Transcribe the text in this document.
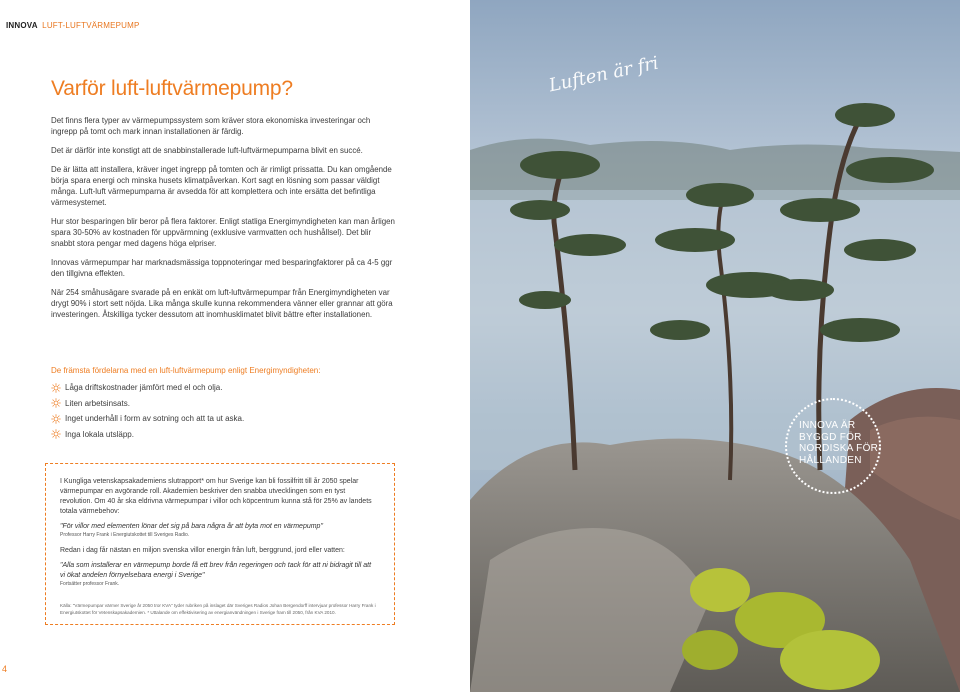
INNOVA LUFT-LUFTVÄRMEPUMP
Varför luft-luftvärmepump?

Det finns flera typer av värmepumpssystem som kräver stora ekonomiska investeringar och ingrepp på tomt och mark innan installationen är färdig.

Det är därför inte konstigt att de snabbinstallerade luft-luftvärmepumparna blivit en succé.

De är lätta att installera, kräver inget ingrepp på tomten och är rimligt prissatta. Du kan omgående börja spara energi och minska husets klimatpåverkan. Kort sagt en lösning som passar väldigt många. Luft-luft värmepumparna är avsedda för att komplettera och inte ersätta det befintliga värmesystemet.

Hur stor besparingen blir beror på flera faktorer. Enligt statliga Energimyndigheten kan man årligen spara 30-50% av kostnaden för uppvärmning (exklusive varmvatten och hushållsel). Det blir snabbt stora pengar med dagens höga elpriser.

Innovas värmepumpar har marknadsmässiga toppnoteringar med besparingfaktorer på ca 4-5 ggr den tillgivna effekten.

När 254 småhusägare svarade på en enkät om luft-luftvärmepumpar från Energimyndigheten var drygt 90% i stort sett nöjda. Lika många skulle kunna rekommendera vänner eller grannar att göra investeringen. Åtskilliga tycker dessutom att inomhusklimatet blivit bättre efter installationen.

De främsta fördelarna med en luft-luftvärmepump enligt Energimyndigheten:
Låga driftskostnader jämfört med el och olja.
Liten arbetsinsats.
Inget underhåll i form av sotning och att ta ut aska.
Inga lokala utsläpp.

I Kungliga vetenskapsakademiens slutrapport* om hur Sverige kan bli fossilfritt till år 2050 spelar värmepumpar en avgörande roll. Akademien beskriver den snabba utvecklingen som en tyst revolution. Om 40 år ska eldrivna värmepumpar i villor och köpcentrum kunna stå för 25% av landets totala värmebehov:

"För villor med elementen lönar det sig på bara några år att byta mot en värmepump"

Professor Harry Frank i Energiutskottet till Sveriges Radio.

Redan i dag får nästan en miljon svenska villor energin från luft, berggrund, jord eller vatten:

"Alla som installerar en värmepump borde få ett brev från regeringen och tack för att ni bidragit till att vi ökat andelen förnyelsebara energi i Sverige"

Fortsätter professor Frank.

Källa: "Värmepumpar värmer Sverige år 2050 tror KVA" tyder rubriken på inslaget där Sveriges Radios Johan Bergendorff intervjuar professor Harry Frank i Energiutskottet för Vetenskapsakademien. * Uttalande om effektivisering av energianvändningen i Sverige fram till 2050, från KVA 2010.
4
Luften är fri
INNOVA ÄR BYGGD FÖR NORDISKA FÖR-HÅLLANDEN
